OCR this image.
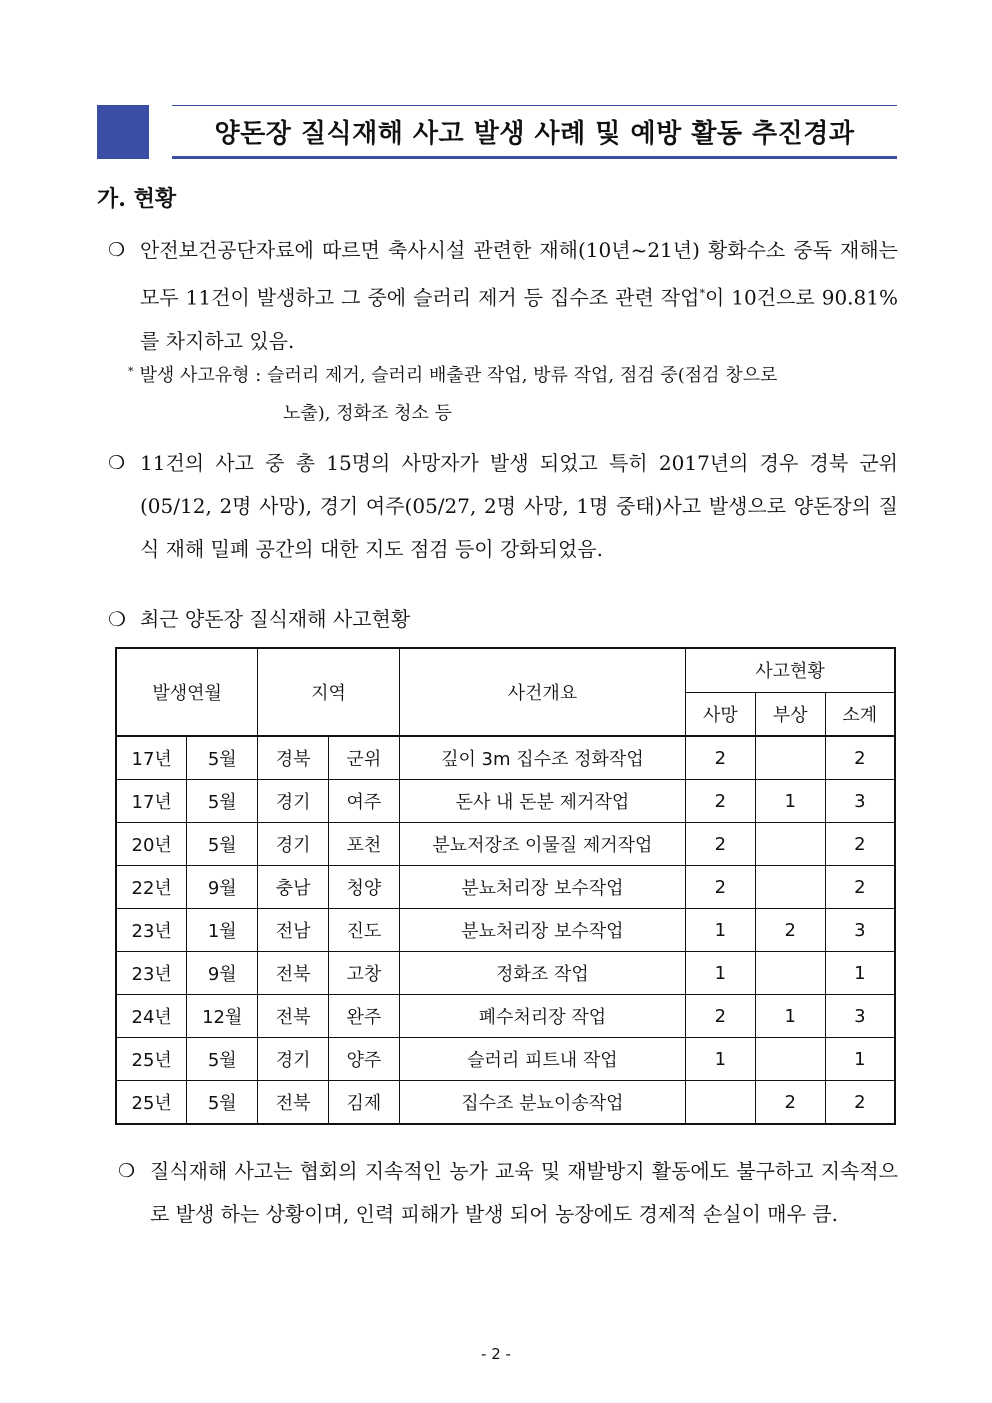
양돈장 질식재해 사고 발생 사례 및 예방 활동 추진경과
가. 현황
❍ 안전보건공단자료에 따르면 축사시설 관련한 재해(10년~21년) 황화수소 중독 재해는 모두 11건이 발생하고 그 중에 슬러리 제거 등 집수조 관련 작업*이 10건으로 90.81%를 차지하고 있음.
* 발생 사고유형 : 슬러리 제거, 슬러리 배출관 작업, 방류 작업, 점검 중(점검 창으로
노출), 정화조 청소 등
❍ 11건의 사고 중 총 15명의 사망자가 발생 되었고 특히 2017년의 경우 경북 군위(05/12, 2명 사망), 경기 여주(05/27, 2명 사망, 1명 중태)사고 발생으로 양돈장의 질식 재해 밀폐 공간의 대한 지도 점검 등이 강화되었음.
❍ 최근 양돈장 질식재해 사고현황
발생연월		지역		사건개요	사고현황		
					사망	부상	소계
17년	5월	경북	군위	깊이 3m 집수조 정화작업	2		2
17년	5월	경기	여주	돈사 내 돈분 제거작업	2	1	3
20년	5월	경기	포천	분뇨저장조 이물질 제거작업	2		2
22년	9월	충남	청양	분뇨처리장 보수작업	2		2
23년	1월	전남	진도	분뇨처리장 보수작업	1	2	3
23년	9월	전북	고창	정화조 작업	1		1
24년	12월	전북	완주	폐수처리장 작업	2	1	3
25년	5월	경기	양주	슬러리 피트내 작업	1		1
25년	5월	전북	김제	집수조 분뇨이송작업		2	2
❍ 질식재해 사고는 협회의 지속적인 농가 교육 및 재발방지 활동에도 불구하고 지속적으로 발생 하는 상황이며, 인력 피해가 발생 되어 농장에도 경제적 손실이 매우 큼.
- 2 -
